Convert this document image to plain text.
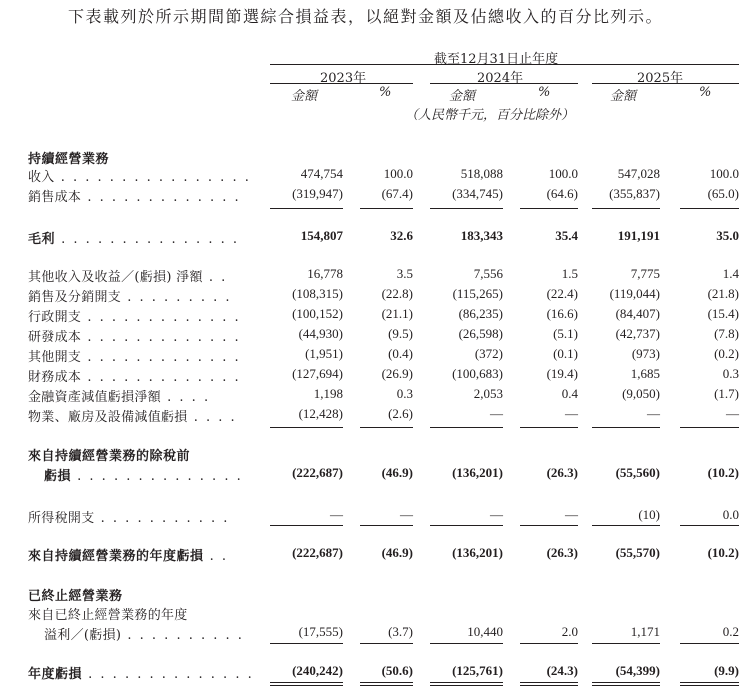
下表載列於所示期間節選綜合損益表，以絕對金額及佔總收入的百分比列示。
截至12月31日止年度
2023年	2024年	2025年
金額	%	金額	%	金額	%
（人民幣千元，百分比除外）
持續經營業務
已終止經營業務
收入 . . . . . . . . . . . . . . . .	474,754	100.0	518,088	100.0	547,028	100.0
銷售成本 . . . . . . . . . . . . .	(319,947)	(67.4)	(334,745)	(64.6) (355,837)	(65.0)
毛利 . . . . . . . . . . . . . . .	154,807	32.6	183,343	35.4	191,191	35.0
其他收入及收益／(虧損) 淨額 . .	16,778	3.5	7,556	1.5	7,775	1.4
銷售及分銷開支 . . . . . . . . .	(108,315)	(22.8)	(115,265)	(22.4) (119,044)	(21.8)
行政開支 . . . . . . . . . . . . .	(100,152)	(21.1)	(86,235)	(16.6)	(84,407)	(15.4)
研發成本 . . . . . . . . . . . . .	(44,930)	(9.5)	(26,598)	(5.1)	(42,737)	(7.8)
其他開支 . . . . . . . . . . . . .	(1,951)	(0.4)	(372)	(0.1)	(973)	(0.2)
財務成本 . . . . . . . . . . . . .	(127,694)	(26.9)	(100,683)	(19.4)	1,685	0.3
金融資產減值虧損淨額 . . . .	1,198	0.3	2,053	0.4	(9,050)	(1.7)
物業、廠房及設備減值虧損 . . . .	(12,428)	(2.6)	—	—	—	—
來自持續經營業務的除稅前
虧損 . . . . . . . . . . . . . .	(222,687)	(46.9)	(136,201)	(26.3)	(55,560)	(10.2)
所得稅開支 . . . . . . . . . . .	—	—	—	—	(10)	0.0
來自持續經營業務的年度虧損 . .	(222,687)	(46.9)	(136,201)	(26.3)	(55,570)	(10.2)
來自已終止經營業務的年度
溢利／(虧損) . . . . . . . . . .	(17,555)	(3.7)	10,440	2.0	1,171	0.2
年度虧損 . . . . . . . . . . . . . .	(240,242)	(50.6)	(125,761)	(24.3)	(54,399)	(9.9)
